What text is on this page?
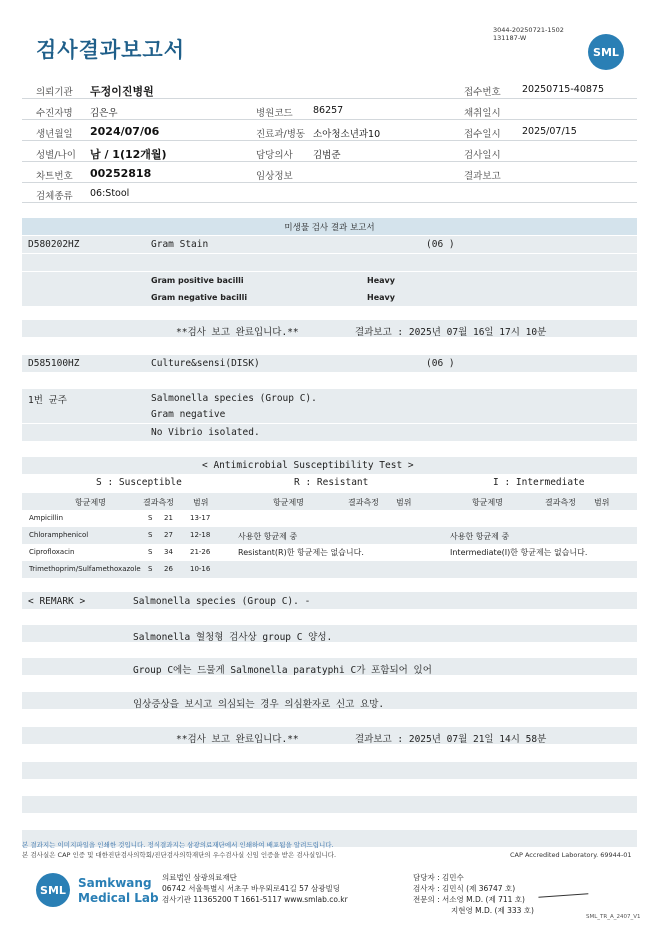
검사결과보고서
3044-20250721-1502
131187-W
SML
의뢰기관 두정이진병원	접수번호 20250715-40875
수진자명 김은우	병원코드 86257	채취일시
생년월일 2024/07/06	진료과/병동 소아청소년과10	접수일시 2025/07/15
성별/나이 남 / 1(12개월)	담당의사 김범준	검사일시
차트번호 00252818	임상정보	결과보고
검체종류 06:Stool
미생물 검사 결과 보고서
D580202HZ	Gram Stain	(06 )
Gram positive bacilli	Heavy
Gram negative bacilli	Heavy
**검사 보고 완료입니다.**	결과보고 : 2025년 07월 16일 17시 10분
D585100HZ	Culture&sensi(DISK)	(06 )
1번 균주	Salmonella species (Group C).
Gram negative
No Vibrio isolated.
< Antimicrobial Susceptibility Test >
S : Susceptible	R : Resistant	I : Intermediate
항균제명	결과측정 범위	항균제명	결과측정 범위	항균제명	결과측정 범위
Ampicillin	S 21 13-17
Chloramphenicol	S 27 12-18
Ciprofloxacin	S 34 21-26
Trimethoprim/Sulfamethoxazole S 26 10-16
사용한 항균제 중
Resistant(R)한 항균제는 없습니다.
사용한 항균제 중
Intermediate(I)한 항균제는 없습니다.
< REMARK >	Salmonella species (Group C). -
Salmonella 혈청형 검사상 group C 양성.
Group C에는 드물게 Salmonella paratyphi C가 포함되어 있어
임상증상을 보시고 의심되는 경우 의심환자로 신고 요망.
**검사 보고 완료입니다.**	결과보고 : 2025년 07월 21일 14시 58분
본 결과지는 이미지파일을 인쇄한 것입니다. 정식결과지는 삼광의료재단에서 인쇄하여 배포됨을 알려드립니다.
본 검사실은 CAP 인증 및 대한진단검사의학회/진단검사의학재단의 우수검사실 신임 인증을 받은 검사실입니다.	CAP Accredited Laboratory. 69944-01
SML	Samkwang
Medical Lab
의료법인 삼광의료재단
06742 서울특별시 서초구 바우뫼로41길 57 삼광빌딩
검사기관 11365200 T 1661-5117 www.smlab.co.kr
담당자 : 김민수
검사자 : 김민식 (제 36747 호)
전문의 : 서소영 M.D. (제 711 호)
지현영 M.D. (제 333 호)
SML_TR_A_2407_V1
